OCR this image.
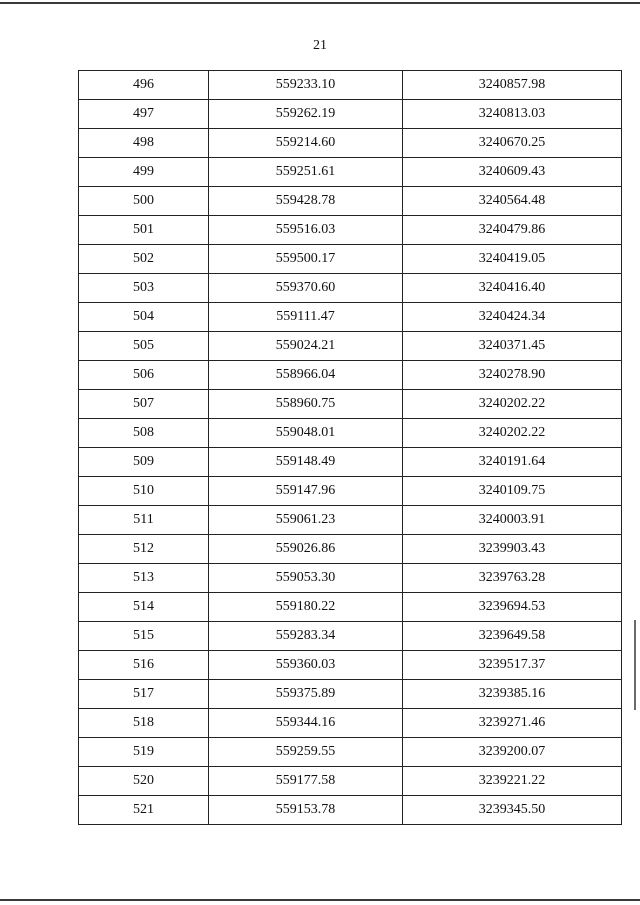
21
496	559233.10	3240857.98
497	559262.19	3240813.03
498	559214.60	3240670.25
499	559251.61	3240609.43
500	559428.78	3240564.48
501	559516.03	3240479.86
502	559500.17	3240419.05
503	559370.60	3240416.40
504	559111.47	3240424.34
505	559024.21	3240371.45
506	558966.04	3240278.90
507	558960.75	3240202.22
508	559048.01	3240202.22
509	559148.49	3240191.64
510	559147.96	3240109.75
511	559061.23	3240003.91
512	559026.86	3239903.43
513	559053.30	3239763.28
514	559180.22	3239694.53
515	559283.34	3239649.58
516	559360.03	3239517.37
517	559375.89	3239385.16
518	559344.16	3239271.46
519	559259.55	3239200.07
520	559177.58	3239221.22
521	559153.78	3239345.50
